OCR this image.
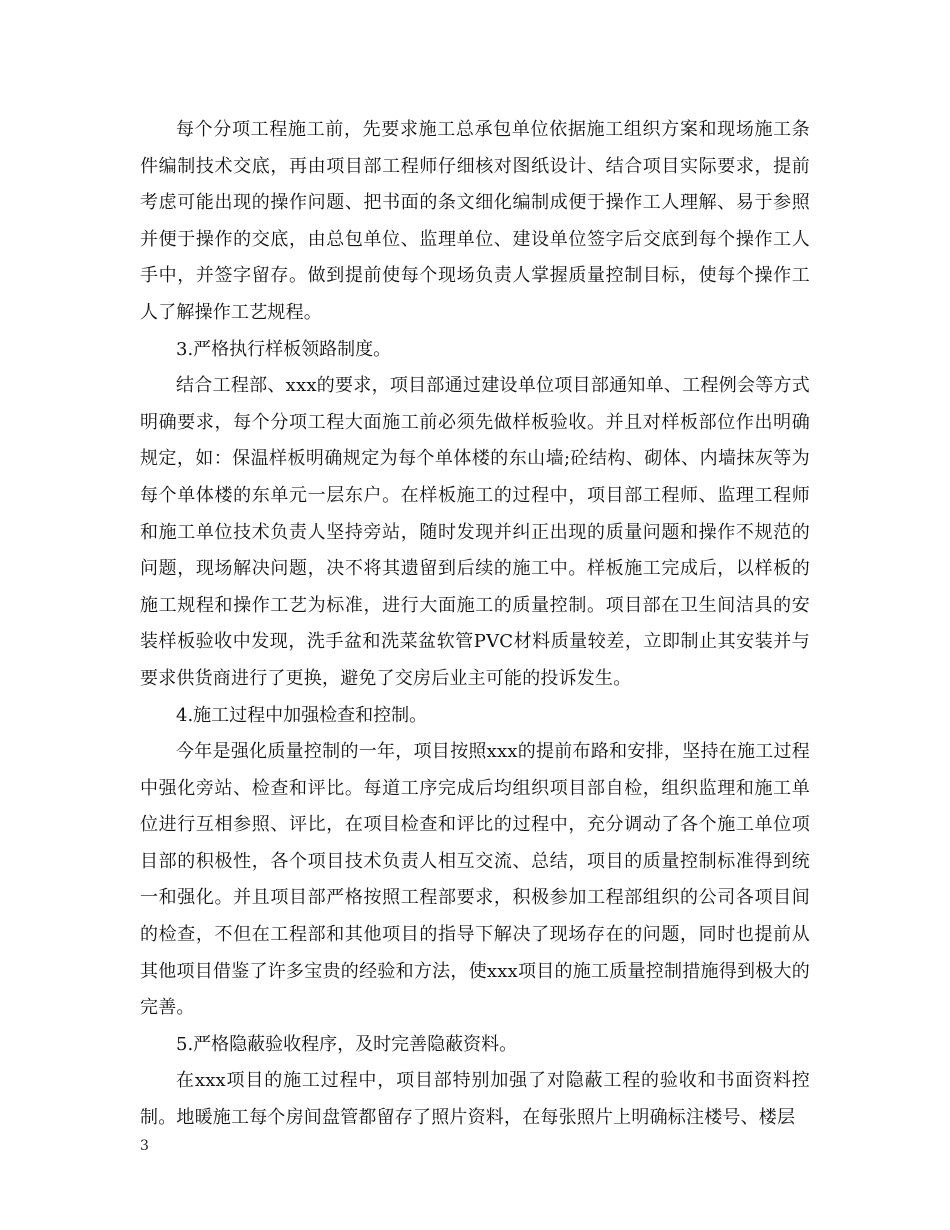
每个分项工程施工前，先要求施工总承包单位依据施工组织方案和现场施工条件编制技术交底，再由项目部工程师仔细核对图纸设计、结合项目实际要求，提前考虑可能出现的操作问题、把书面的条文细化编制成便于操作工人理解、易于参照并便于操作的交底，由总包单位、监理单位、建设单位签字后交底到每个操作工人手中，并签字留存。做到提前使每个现场负责人掌握质量控制目标，使每个操作工人了解操作工艺规程。

3.严格执行样板领路制度。

结合工程部、xxx的要求，项目部通过建设单位项目部通知单、工程例会等方式明确要求，每个分项工程大面施工前必须先做样板验收。并且对样板部位作出明确规定，如：保温样板明确规定为每个单体楼的东山墙;砼结构、砌体、内墙抹灰等为每个单体楼的东单元一层东户。在样板施工的过程中，项目部工程师、监理工程师和施工单位技术负责人坚持旁站，随时发现并纠正出现的质量问题和操作不规范的问题，现场解决问题，决不将其遗留到后续的施工中。样板施工完成后，以样板的施工规程和操作工艺为标准，进行大面施工的质量控制。项目部在卫生间洁具的安装样板验收中发现，洗手盆和洗菜盆软管PVC材料质量较差，立即制止其安装并与要求供货商进行了更换，避免了交房后业主可能的投诉发生。

4.施工过程中加强检查和控制。

今年是强化质量控制的一年，项目按照xxx的提前布路和安排，坚持在施工过程中强化旁站、检查和评比。每道工序完成后均组织项目部自检，组织监理和施工单位进行互相参照、评比，在项目检查和评比的过程中，充分调动了各个施工单位项目部的积极性，各个项目技术负责人相互交流、总结，项目的质量控制标准得到统一和强化。并且项目部严格按照工程部要求，积极参加工程部组织的公司各项目间的检查，不但在工程部和其他项目的指导下解决了现场存在的问题，同时也提前从其他项目借鉴了许多宝贵的经验和方法，使xxx项目的施工质量控制措施得到极大的完善。

5.严格隐蔽验收程序，及时完善隐蔽资料。

在xxx项目的施工过程中，项目部特别加强了对隐蔽工程的验收和书面资料控制。地暖施工每个房间盘管都留存了照片资料，在每张照片上明确标注楼号、楼层

3
